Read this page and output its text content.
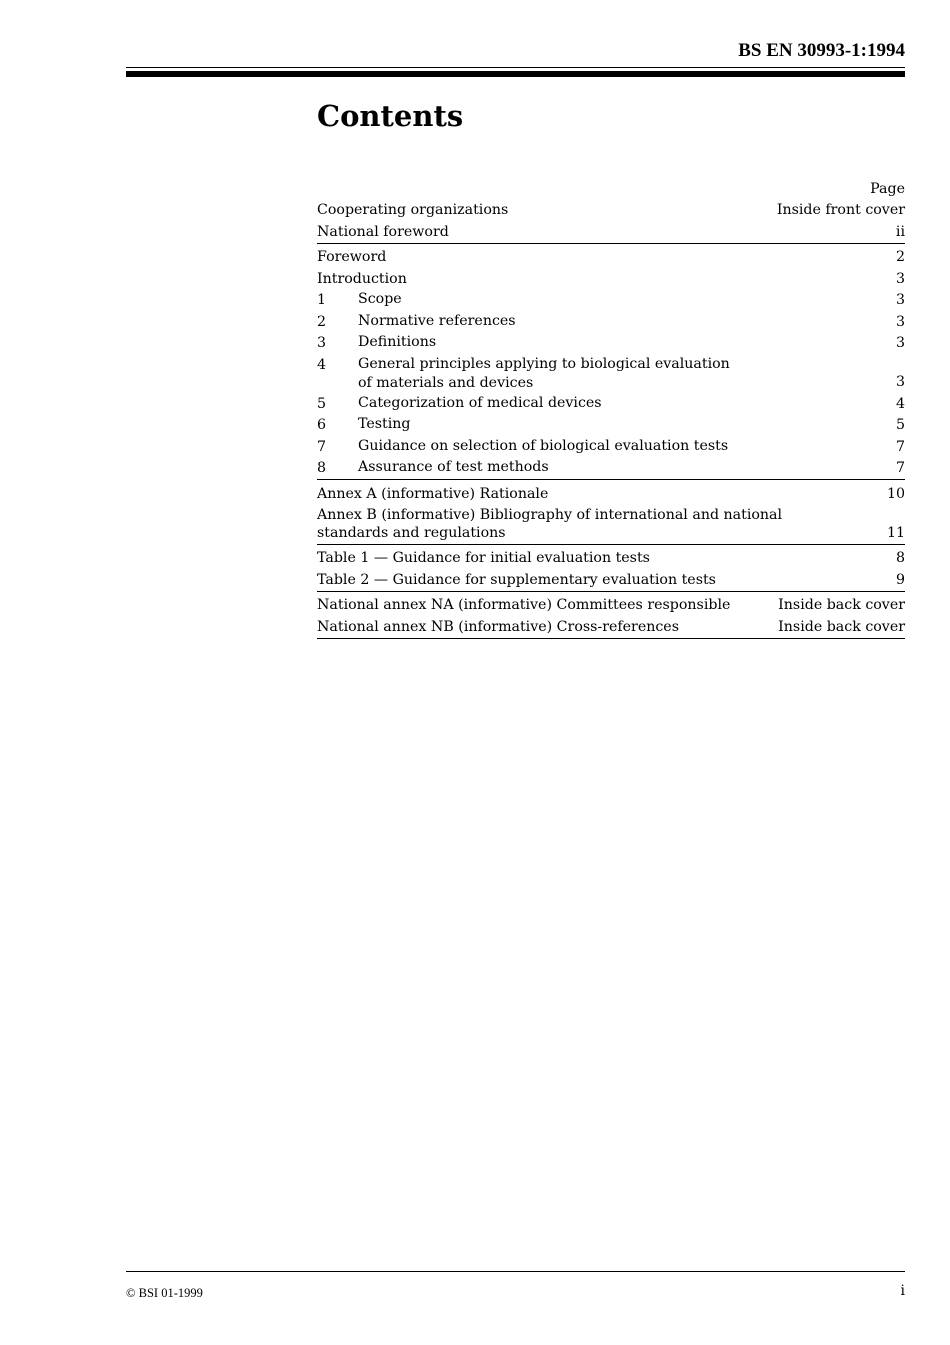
BS EN 30993-1:1994
Contents
Page
Cooperating organizations	Inside front cover
National foreword	ii
Foreword	2
Introduction	3
1	Scope	3
2	Normative references	3
3	Definitions	3
4	General principles applying to biological evaluation of materials and devices	3
5	Categorization of medical devices	4
6	Testing	5
7	Guidance on selection of biological evaluation tests	7
8	Assurance of test methods	7
Annex A (informative) Rationale	10
Annex B (informative) Bibliography of international and national standards and regulations	11
Table 1 — Guidance for initial evaluation tests	8
Table 2 — Guidance for supplementary evaluation tests	9
National annex NA (informative) Committees responsible	Inside back cover
National annex NB (informative) Cross-references	Inside back cover
© BSI 01-1999	i
